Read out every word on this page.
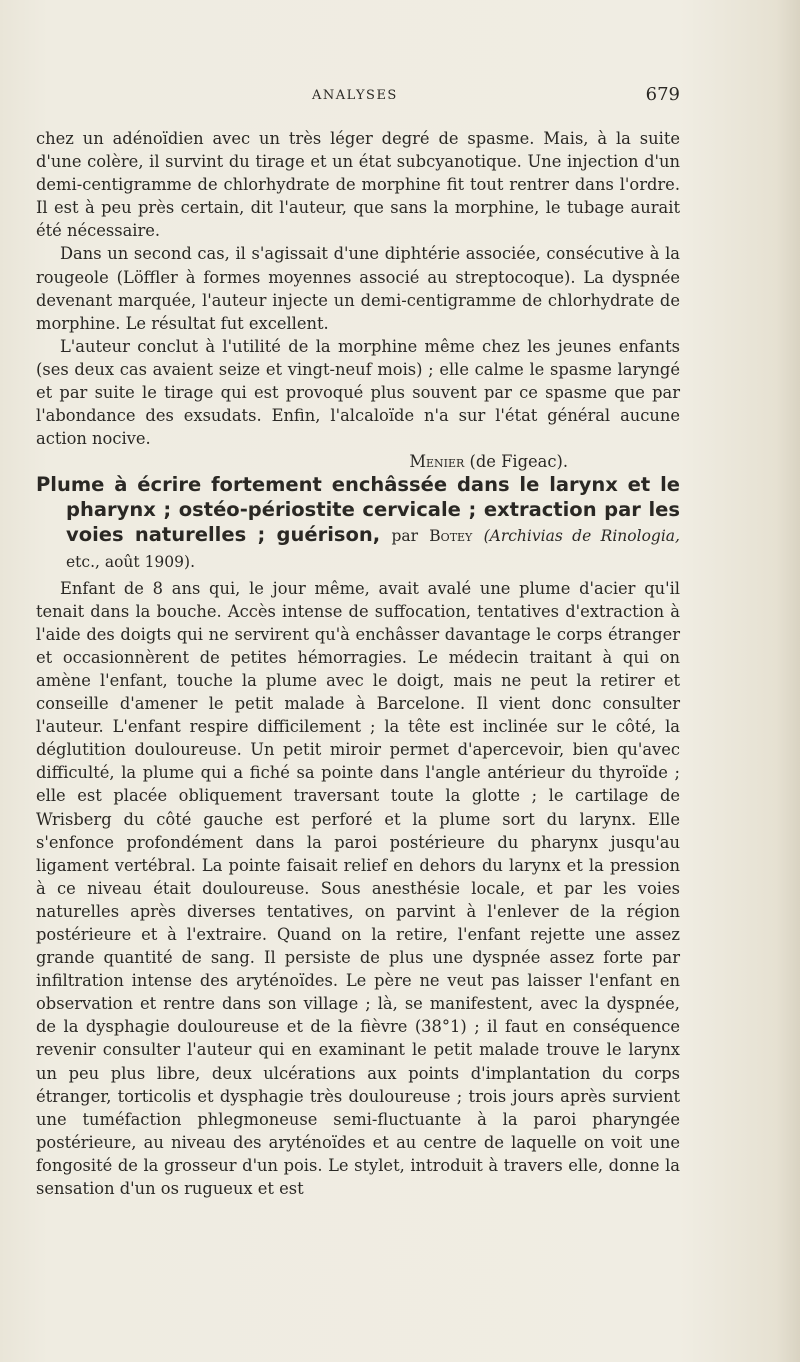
ANALYSES	679

chez un adénoïdien avec un très léger degré de spasme. Mais, à la suite d'une colère, il survint du tirage et un état subcyanotique. Une injection d'un demi-centigramme de chlorhydrate de morphine fit tout rentrer dans l'ordre. Il est à peu près certain, dit l'auteur, que sans la morphine, le tubage aurait été nécessaire.

Dans un second cas, il s'agissait d'une diphtérie associée, consécutive à la rougeole (Löffler à formes moyennes associé au streptocoque). La dyspnée devenant marquée, l'auteur injecte un demi-centigramme de chlorhydrate de morphine. Le résultat fut excellent.

L'auteur conclut à l'utilité de la morphine même chez les jeunes enfants (ses deux cas avaient seize et vingt-neuf mois) ; elle calme le spasme laryngé et par suite le tirage qui est provoqué plus souvent par ce spasme que par l'abondance des exsudats. Enfin, l'alcaloïde n'a sur l'état général aucune action nocive.

Menier (de Figeac).

Plume à écrire fortement enchâssée dans le larynx et le pharynx ; ostéo-périostite cervicale ; extraction par les voies naturelles ; guérison, par Botey (Archivias de Rinologia, etc., août 1909).

Enfant de 8 ans qui, le jour même, avait avalé une plume d'acier qu'il tenait dans la bouche. Accès intense de suffocation, tentatives d'extraction à l'aide des doigts qui ne servirent qu'à enchâsser davantage le corps étranger et occasionnèrent de petites hémorragies. Le médecin traitant à qui on amène l'enfant, touche la plume avec le doigt, mais ne peut la retirer et conseille d'amener le petit malade à Barcelone. Il vient donc consulter l'auteur. L'enfant respire difficilement ; la tête est inclinée sur le côté, la déglutition douloureuse. Un petit miroir permet d'apercevoir, bien qu'avec difficulté, la plume qui a fiché sa pointe dans l'angle antérieur du thyroïde ; elle est placée obliquement traversant toute la glotte ; le cartilage de Wrisberg du côté gauche est perforé et la plume sort du larynx. Elle s'enfonce profondément dans la paroi postérieure du pharynx jusqu'au ligament vertébral. La pointe faisait relief en dehors du larynx et la pression à ce niveau était douloureuse. Sous anesthésie locale, et par les voies naturelles après diverses tentatives, on parvint à l'enlever de la région postérieure et à l'extraire. Quand on la retire, l'enfant rejette une assez grande quantité de sang. Il persiste de plus une dyspnée assez forte par infiltration intense des aryténoïdes. Le père ne veut pas laisser l'enfant en observation et rentre dans son village ; là, se manifestent, avec la dyspnée, de la dysphagie douloureuse et de la fièvre (38°1) ; il faut en conséquence revenir consulter l'auteur qui en examinant le petit malade trouve le larynx un peu plus libre, deux ulcérations aux points d'implantation du corps étranger, torticolis et dysphagie très douloureuse ; trois jours après survient une tuméfaction phlegmoneuse semi-fluctuante à la paroi pharyngée postérieure, au niveau des aryténoïdes et au centre de laquelle on voit une fongosité de la grosseur d'un pois. Le stylet, introduit à travers elle, donne la sensation d'un os rugueux et est
